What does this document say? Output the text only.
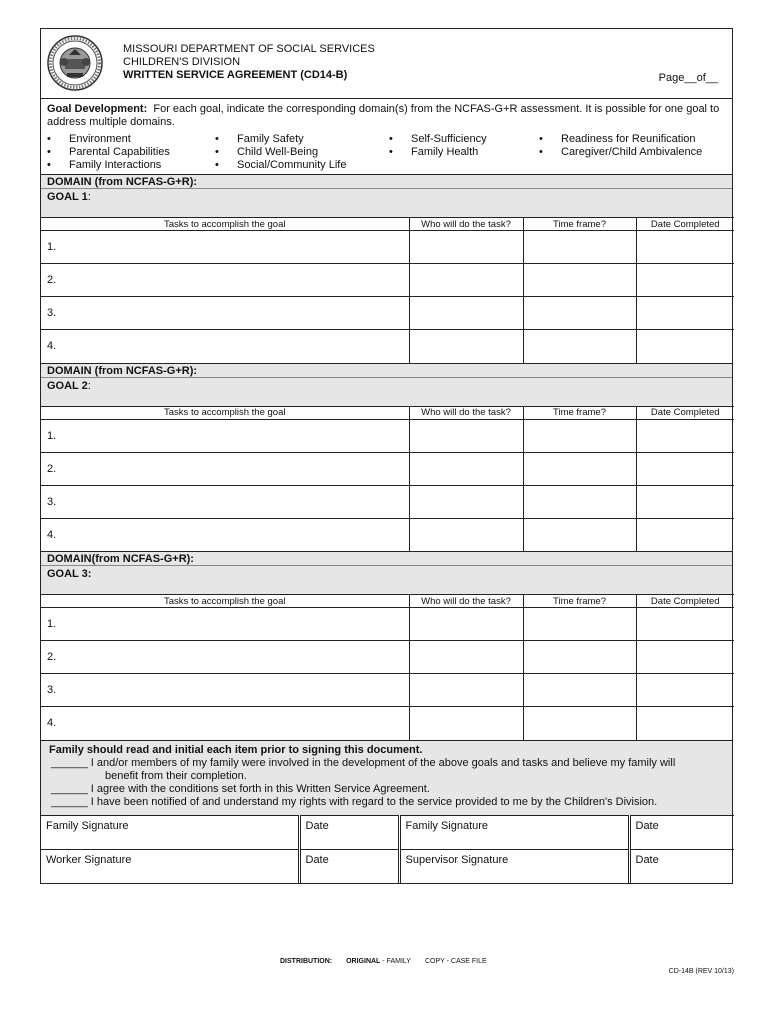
MISSOURI DEPARTMENT OF SOCIAL SERVICES
CHILDREN'S DIVISION
WRITTEN SERVICE AGREEMENT (CD14-B)	Page__of__
Goal Development: For each goal, indicate the corresponding domain(s) from the NCFAS-G+R assessment. It is possible for one goal to address multiple domains.
• Environment
• Parental Capabilities
• Family Interactions
• Family Safety
• Child Well-Being
• Social/Community Life
• Self-Sufficiency
• Family Health
• Readiness for Reunification
• Caregiver/Child Ambivalence
DOMAIN (from NCFAS-G+R):
GOAL 1:
Tasks to accomplish the goal	Who will do the task?	Time frame?	Date Completed
1.			
2.			
3.			
4.			
DOMAIN (from NCFAS-G+R):
GOAL 2:
Tasks to accomplish the goal	Who will do the task?	Time frame?	Date Completed
1.			
2.			
3.			
4.			
DOMAIN(from NCFAS-G+R):
GOAL 3:
Tasks to accomplish the goal	Who will do the task?	Time frame?	Date Completed
1.			
2.			
3.			
4.			
Family should read and initial each item prior to signing this document.
______ I and/or members of my family were involved in the development of the above goals and tasks and believe my family will
benefit from their completion.
______ I agree with the conditions set forth in this Written Service Agreement.
______ I have been notified of and understand my rights with regard to the service provided to me by the Children's Division.
Family Signature	Date	Family Signature	Date
Worker Signature	Date	Supervisor Signature	Date
DISTRIBUTION: ORIGINAL - FAMILY COPY - CASE FILE
CD-14B (REV 10/13)
